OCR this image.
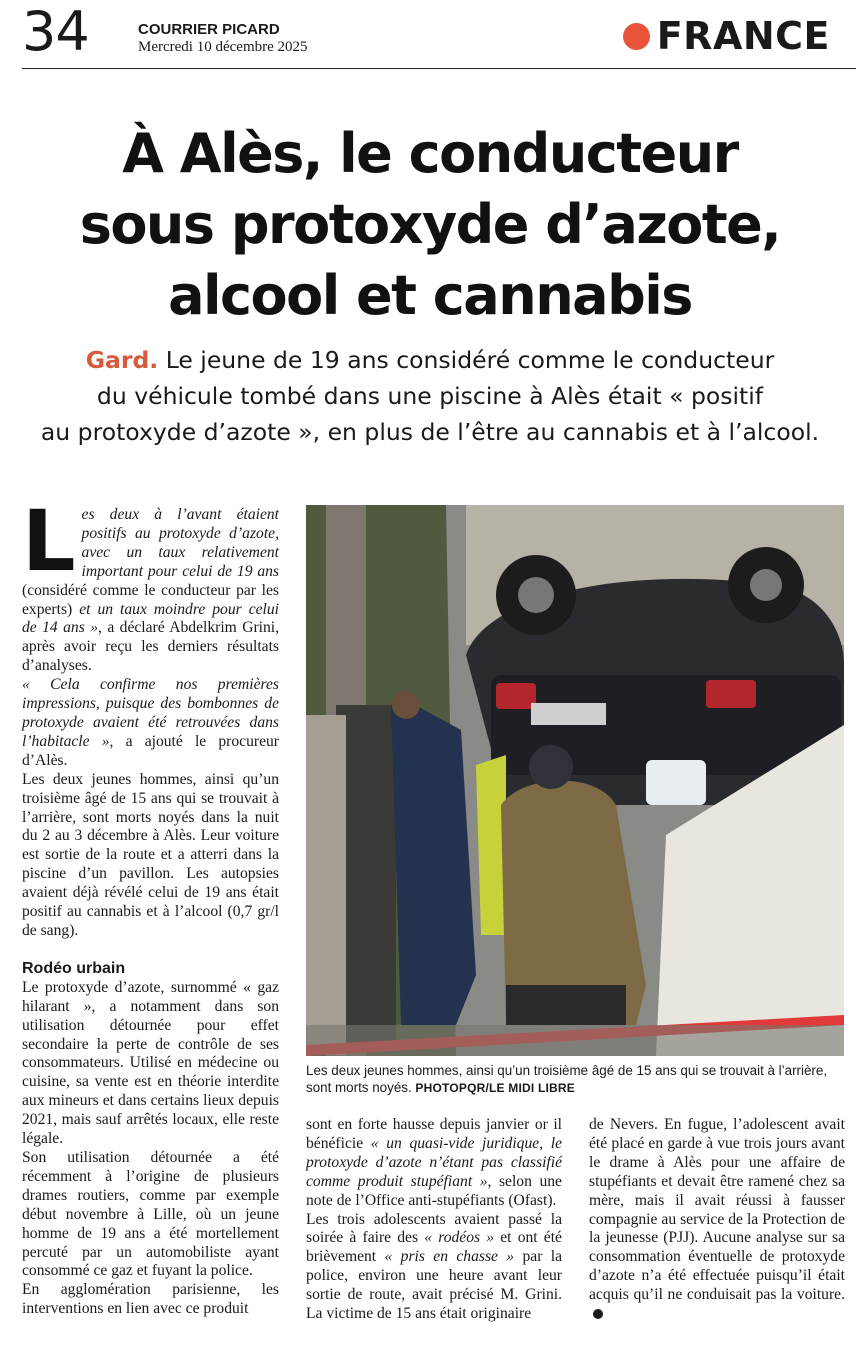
34	COURRIER PICARD
Mercredi 10 décembre 2025	FRANCE
À Alès, le conducteur
sous protoxyde d’azote,
alcool et cannabis

Gard. Le jeune de 19 ans considéré comme le conducteur
du véhicule tombé dans une piscine à Alès était « positif
au protoxyde d’azote », en plus de l’être au cannabis et à l’alcool.

Les deux à l’avant étaient positifs au protoxyde d’azote, avec un taux relativement important pour celui de 19 ans (considéré comme le conducteur par les experts) et un taux moindre pour celui de 14 ans », a déclaré Abdelkrim Grini, après avoir reçu les derniers résultats d’analyses.

« Cela confirme nos premières impressions, puisque des bombonnes de protoxyde avaient été retrouvées dans l’habitacle », a ajouté le procureur d’Alès.

Les deux jeunes hommes, ainsi qu’un troisième âgé de 15 ans qui se trouvait à l’arrière, sont morts noyés dans la nuit du 2 au 3 décembre à Alès. Leur voiture est sortie de la route et a atterri dans la piscine d’un pavillon. Les autopsies avaient déjà révélé celui de 19 ans était positif au cannabis et à l’alcool (0,7 gr/l de sang).

Rodéo urbain

Le protoxyde d’azote, surnommé « gaz hilarant », a notamment dans son utilisation détournée pour effet secondaire la perte de contrôle de ses consommateurs. Utilisé en médecine ou cuisine, sa vente est en théorie interdite aux mineurs et dans certains lieux depuis 2021, mais sauf arrêtés locaux, elle reste légale.

Son utilisation détournée a été récemment à l’origine de plusieurs drames routiers, comme par exemple début novembre à Lille, où un jeune homme de 19 ans a été mortellement percuté par un automobiliste ayant consommé ce gaz et fuyant la police.

En agglomération parisienne, les interventions en lien avec ce produit

Les deux jeunes hommes, ainsi qu’un troisième âgé de 15 ans qui se trouvait à l’arrière, sont morts noyés. PHOTOPQR/LE MIDI LIBRE

sont en forte hausse depuis janvier or il bénéficie « un quasi-vide juridique, le protoxyde d’azote n’étant pas classifié comme produit stupéfiant », selon une note de l’Office anti-stupéfiants (Ofast).

Les trois adolescents avaient passé la soirée à faire des « rodéos » et ont été brièvement « pris en chasse » par la police, environ une heure avant leur sortie de route, avait précisé M. Grini. La victime de 15 ans était originaire

de Nevers. En fugue, l’adolescent avait été placé en garde à vue trois jours avant le drame à Alès pour une affaire de stupéfiants et devait être ramené chez sa mère, mais il avait réussi à fausser compagnie au service de la Protection de la jeunesse (PJJ). Aucune analyse sur sa consommation éventuelle de protoxyde d’azote n’a été effectuée puisqu’il était acquis qu’il ne conduisait pas la voiture.
